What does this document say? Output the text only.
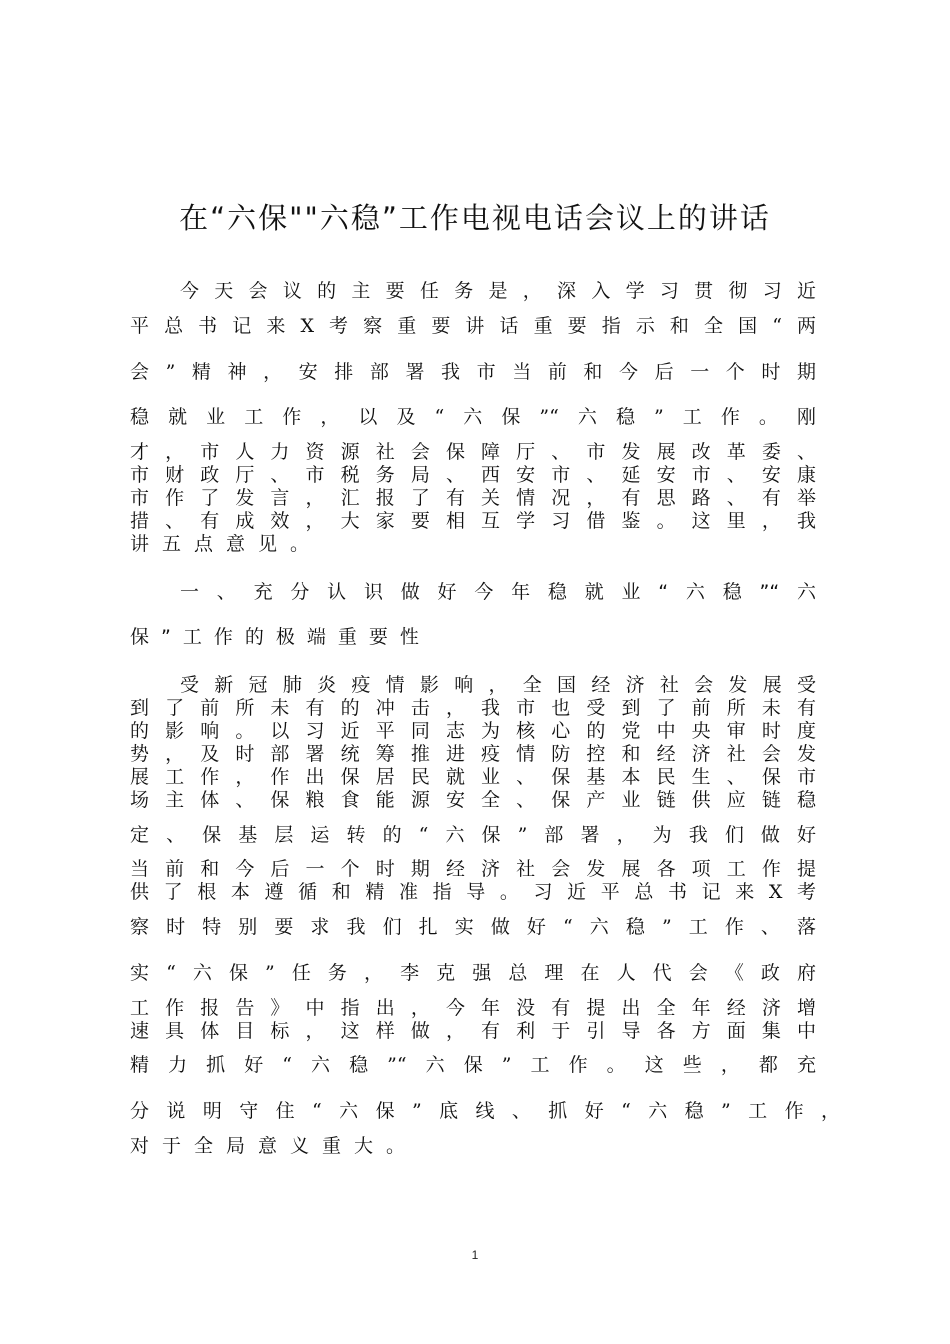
在“六保""六稳”工作电视电话会议上的讲话
今天会议的主要任务是，深入学习贯彻习近
平总书记来X考察重要讲话重要指示和全国“两
会”精神，安排部署我市当前和今后一个时期
稳就业工作，以及“六保”“六稳”工作。刚
才，市人力资源社会保障厅、市发展改革委、
市财政厅、市税务局、西安市、延安市、安康
市作了发言，汇报了有关情况，有思路、有举
措、有成效，大家要相互学习借鉴。这里，我
讲五点意见。
一、充分认识做好今年稳就业“六稳”“六
保”工作的极端重要性
受新冠肺炎疫情影响，全国经济社会发展受
到了前所未有的冲击，我市也受到了前所未有
的影响。以习近平同志为核心的党中央审时度
势，及时部署统筹推进疫情防控和经济社会发
展工作，作出保居民就业、保基本民生、保市
场主体、保粮食能源安全、保产业链供应链稳
定、保基层运转的“六保”部署，为我们做好
当前和今后一个时期经济社会发展各项工作提
供了根本遵循和精准指导。习近平总书记来X考
察时特别要求我们扎实做好“六稳”工作、落
实“六保”任务，李克强总理在人代会《政府
工作报告》中指出，今年没有提出全年经济增
速具体目标，这样做，有利于引导各方面集中
精力抓好“六稳”“六保”工作。这些，都充
分说明守住“六保”底线、抓好“六稳”工作，
对于全局意义重大。
1
